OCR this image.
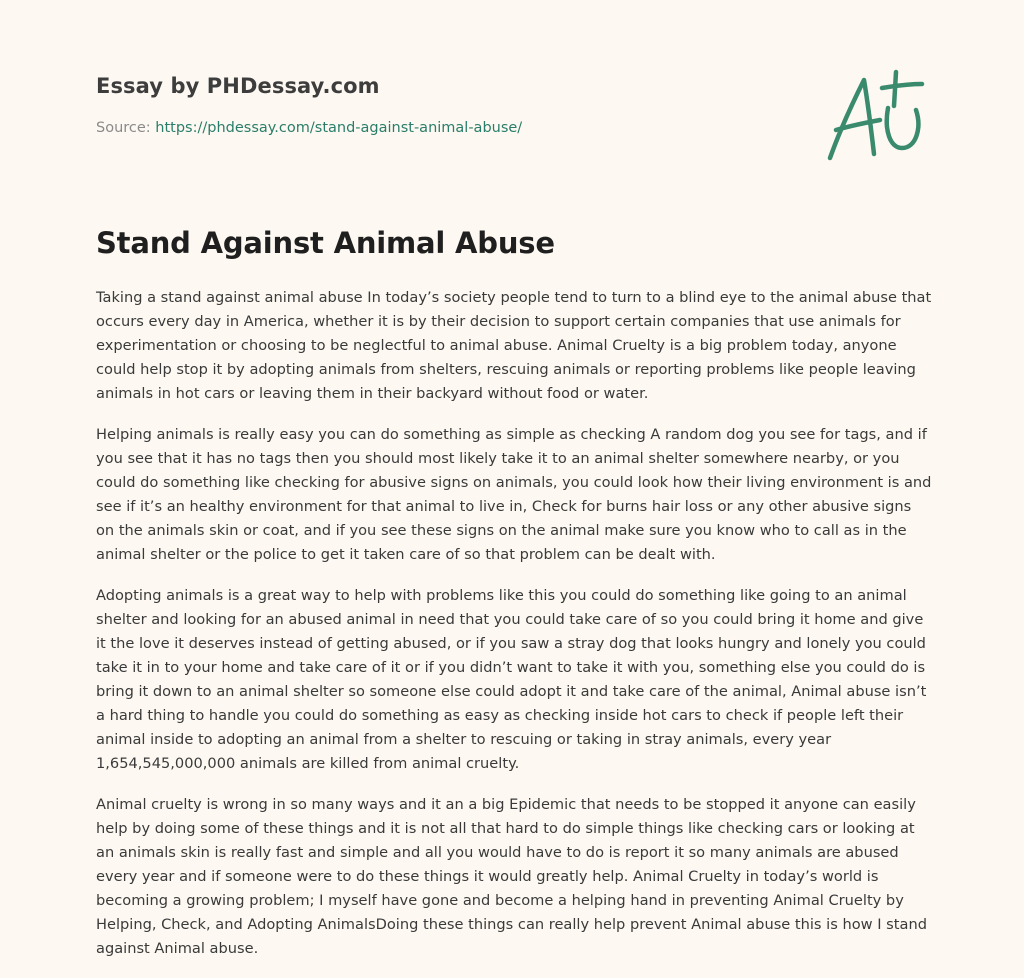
Essay by PHDessay.com
Source: https://phdessay.com/stand-against-animal-abuse/
Stand Against Animal Abuse

Taking a stand against animal abuse In today’s society people tend to turn to a blind eye to the animal abuse that occurs every day in America, whether it is by their decision to support certain companies that use animals for experimentation or choosing to be neglectful to animal abuse. Animal Cruelty is a big problem today, anyone could help stop it by adopting animals from shelters, rescuing animals or reporting problems like people leaving animals in hot cars or leaving them in their backyard without food or water.

Helping animals is really easy you can do something as simple as checking A random dog you see for tags, and if you see that it has no tags then you should most likely take it to an animal shelter somewhere nearby, or you could do something like checking for abusive signs on animals, you could look how their living environment is and see if it’s an healthy environment for that animal to live in, Check for burns hair loss or any other abusive signs on the animals skin or coat, and if you see these signs on the animal make sure you know who to call as in the animal shelter or the police to get it taken care of so that problem can be dealt with.

Adopting animals is a great way to help with problems like this you could do something like going to an animal shelter and looking for an abused animal in need that you could take care of so you could bring it home and give it the love it deserves instead of getting abused, or if you saw a stray dog that looks hungry and lonely you could take it in to your home and take care of it or if you didn’t want to take it with you, something else you could do is bring it down to an animal shelter so someone else could adopt it and take care of the animal, Animal abuse isn’t a hard thing to handle you could do something as easy as checking inside hot cars to check if people left their animal inside to adopting an animal from a shelter to rescuing or taking in stray animals, every year 1,654,545,000,000 animals are killed from animal cruelty.

Animal cruelty is wrong in so many ways and it an a big Epidemic that needs to be stopped it anyone can easily help by doing some of these things and it is not all that hard to do simple things like checking cars or looking at an animals skin is really fast and simple and all you would have to do is report it so many animals are abused every year and if someone were to do these things it would greatly help. Animal Cruelty in today’s world is becoming a growing problem; I myself have gone and become a helping hand in preventing Animal Cruelty by Helping, Check, and Adopting AnimalsDoing these things can really help prevent Animal abuse this is how I stand against Animal abuse.
